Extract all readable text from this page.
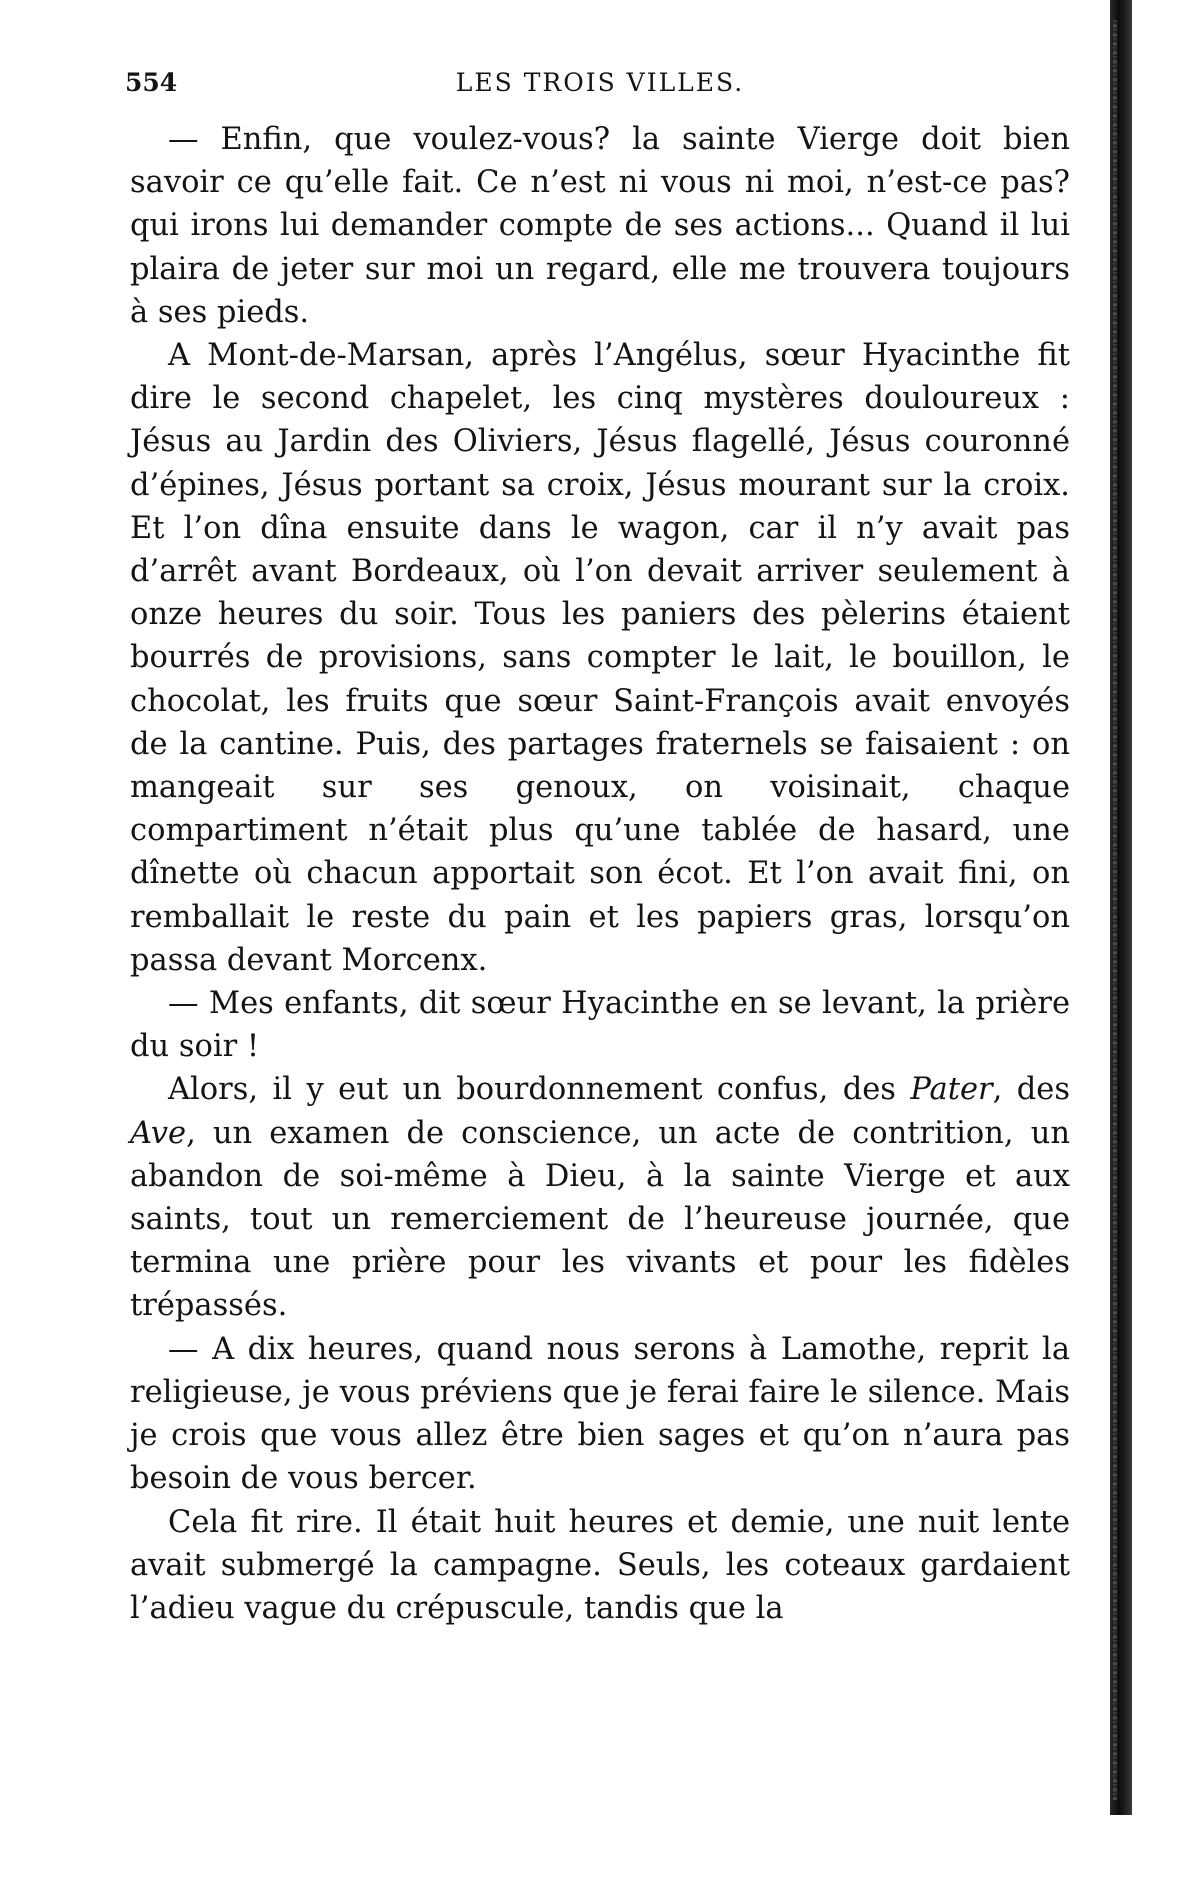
554	LES TROIS VILLES.

— Enfin, que voulez-vous? la sainte Vierge doit bien savoir ce qu’elle fait. Ce n’est ni vous ni moi, n’est-ce pas? qui irons lui demander compte de ses actions... Quand il lui plaira de jeter sur moi un regard, elle me trouvera toujours à ses pieds.

A Mont-de-Marsan, après l’Angélus, sœur Hyacinthe fit dire le second chapelet, les cinq mystères douloureux : Jésus au Jardin des Oliviers, Jésus flagellé, Jésus couronné d’épines, Jésus portant sa croix, Jésus mourant sur la croix. Et l’on dîna ensuite dans le wagon, car il n’y avait pas d’arrêt avant Bordeaux, où l’on devait arriver seulement à onze heures du soir. Tous les paniers des pèlerins étaient bourrés de provisions, sans compter le lait, le bouillon, le chocolat, les fruits que sœur Saint-François avait envoyés de la cantine. Puis, des partages fraternels se faisaient : on mangeait sur ses genoux, on voisinait, chaque compartiment n’était plus qu’une tablée de hasard, une dînette où chacun apportait son écot. Et l’on avait fini, on remballait le reste du pain et les papiers gras, lorsqu’on passa devant Morcenx.

— Mes enfants, dit sœur Hyacinthe en se levant, la prière du soir !

Alors, il y eut un bourdonnement confus, des Pater, des Ave, un examen de conscience, un acte de contrition, un abandon de soi-même à Dieu, à la sainte Vierge et aux saints, tout un remerciement de l’heureuse journée, que termina une prière pour les vivants et pour les fidèles trépassés.

— A dix heures, quand nous serons à Lamothe, reprit la religieuse, je vous préviens que je ferai faire le silence. Mais je crois que vous allez être bien sages et qu’on n’aura pas besoin de vous bercer.

Cela fit rire. Il était huit heures et demie, une nuit lente avait submergé la campagne. Seuls, les coteaux gardaient l’adieu vague du crépuscule, tandis que la
